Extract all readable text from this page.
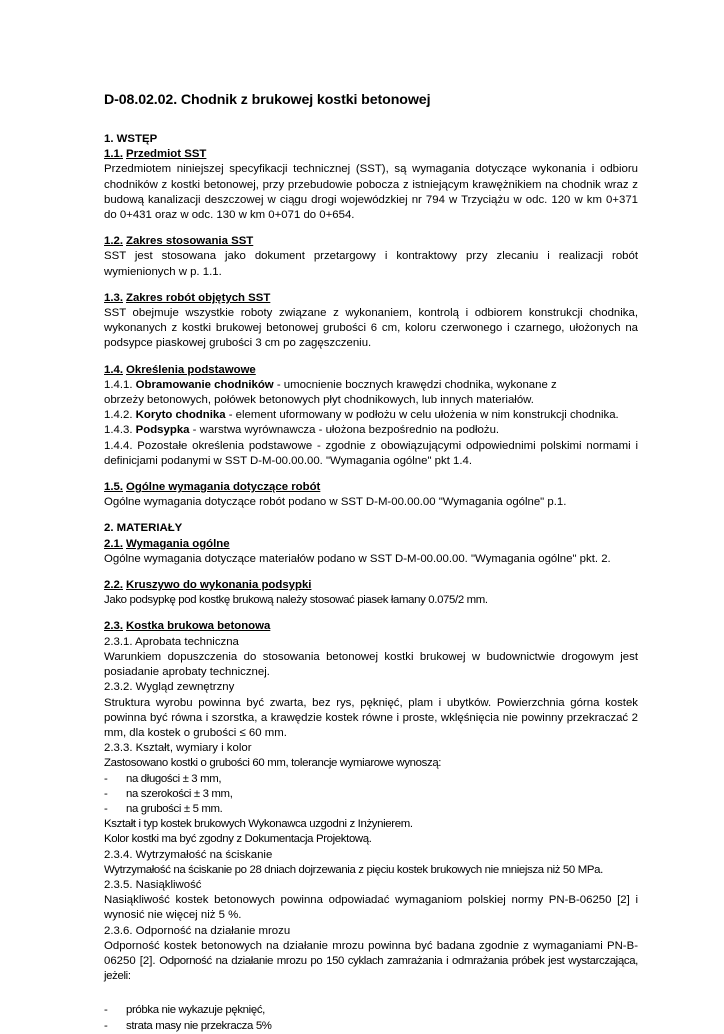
D-08.02.02. Chodnik z brukowej kostki betonowej
1. WSTĘP
1.1. Przedmiot SST
Przedmiotem niniejszej specyfikacji technicznej (SST), są wymagania dotyczące wykonania i odbioru chodników z kostki betonowej, przy przebudowie pobocza z istniejącym krawężnikiem na chodnik wraz z budową kanalizacji deszczowej w ciągu drogi wojewódzkiej nr 794 w Trzyciążu w odc. 120 w km 0+371 do 0+431 oraz w odc. 130 w km 0+071 do 0+654.
1.2. Zakres stosowania SST
SST jest stosowana jako dokument przetargowy i kontraktowy przy zlecaniu i realizacji robót wymienionych w p. 1.1.
1.3. Zakres robót objętych SST
SST obejmuje wszystkie roboty związane z wykonaniem, kontrolą i odbiorem konstrukcji chodnika, wykonanych z kostki brukowej betonowej grubości 6 cm, koloru czerwonego i czarnego, ułożonych na podsypce piaskowej grubości 3 cm po zagęszczeniu.
1.4. Określenia podstawowe
1.4.1. Obramowanie chodników - umocnienie bocznych krawędzi chodnika, wykonane z
obrzeży betonowych, połówek betonowych płyt chodnikowych, lub innych materiałów.
1.4.2. Koryto chodnika - element uformowany w podłożu w celu ułożenia w nim konstrukcji chodnika.
1.4.3. Podsypka - warstwa wyrównawcza - ułożona bezpośrednio na podłożu.
1.4.4. Pozostałe określenia podstawowe - zgodnie z obowiązującymi odpowiednimi polskimi normami i definicjami podanymi w SST D-M-00.00.00. "Wymagania ogólne" pkt 1.4.
1.5. Ogólne wymagania dotyczące robót
Ogólne wymagania dotyczące robót podano w SST D-M-00.00.00 "Wymagania ogólne" p.1.
2. MATERIAŁY
2.1. Wymagania ogólne
Ogólne wymagania dotyczące materiałów podano w SST D-M-00.00.00. "Wymagania ogólne" pkt. 2.
2.2. Kruszywo do wykonania podsypki
Jako podsypkę pod kostkę brukową należy stosować piasek łamany 0.075/2 mm.
2.3. Kostka brukowa betonowa
2.3.1. Aprobata techniczna
Warunkiem dopuszczenia do stosowania betonowej kostki brukowej w budownictwie drogowym jest posiadanie aprobaty technicznej.
2.3.2. Wygląd zewnętrzny
Struktura wyrobu powinna być zwarta, bez rys, pęknięć, plam i ubytków. Powierzchnia górna kostek powinna być równa i szorstka, a krawędzie kostek równe i proste, wklęśnięcia nie powinny przekraczać 2 mm, dla kostek o grubości ≤ 60 mm.
2.3.3. Kształt, wymiary i kolor
Zastosowano kostki o grubości 60 mm, tolerancje wymiarowe wynoszą:
-	na długości ± 3 mm,
-	na szerokości ± 3 mm,
-	na grubości ± 5 mm.
Kształt i typ kostek brukowych Wykonawca uzgodni z Inżynierem.
Kolor kostki ma być zgodny z Dokumentacja Projektową.
2.3.4. Wytrzymałość na ściskanie
Wytrzymałość na ściskanie po 28 dniach dojrzewania z pięciu kostek brukowych nie mniejsza niż 50 MPa.
2.3.5. Nasiąkliwość
Nasiąkliwość kostek betonowych powinna odpowiadać wymaganiom polskiej normy PN-B-06250 [2] i wynosić nie więcej niż 5 %.
2.3.6. Odporność na działanie mrozu
Odporność kostek betonowych na działanie mrozu powinna być badana zgodnie z wymaganiami PN-B-06250 [2]. Odporność na działanie mrozu po 150 cyklach zamrażania i odmrażania próbek jest wystarczająca, jeżeli:
-	próbka nie wykazuje pęknięć,
-	strata masy nie przekracza 5%
